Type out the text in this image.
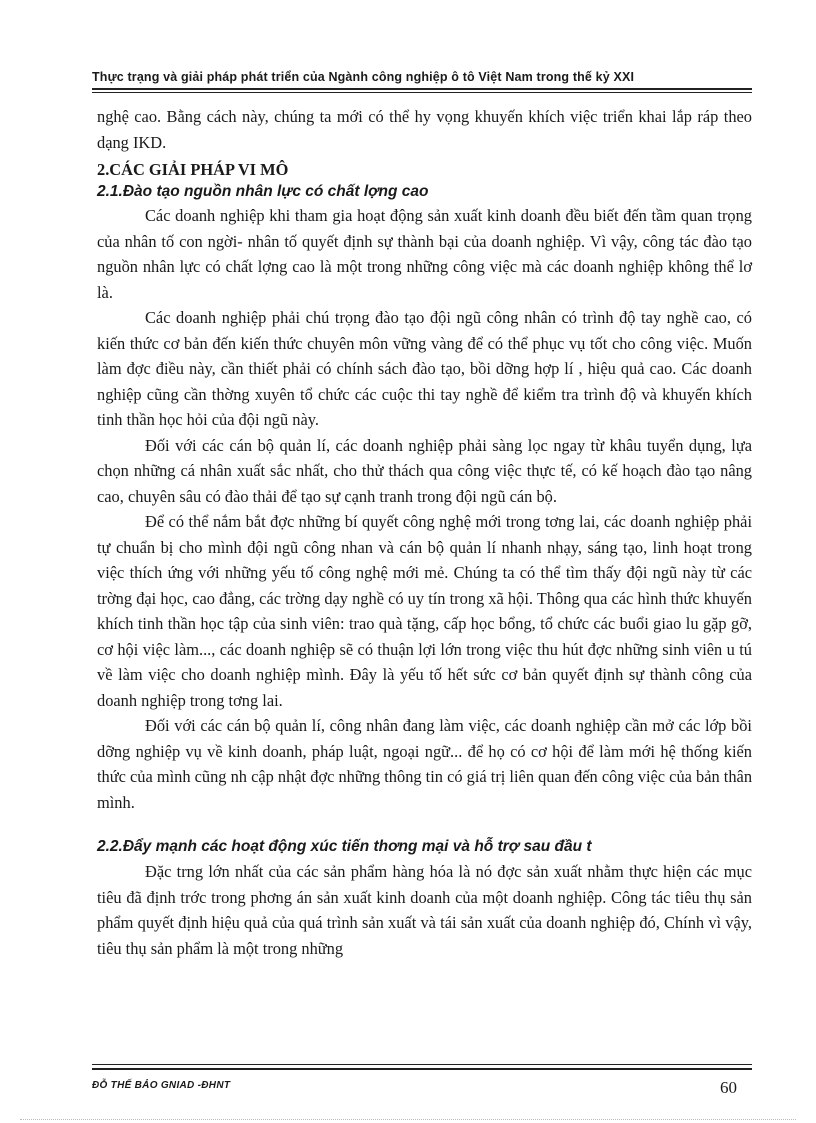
Thực trạng và giải pháp phát triển của Ngành công nghiệp ô tô Việt Nam trong thế kỷ XXI

nghệ cao. Bằng cách này, chúng ta mới có thể hy vọng khuyến khích việc triển khai lắp ráp theo dạng IKD.

2.CÁC GIẢI PHÁP VI MÔ

2.1.Đào tạo nguồn nhân lực có chất lợng cao

Các doanh nghiệp khi tham gia hoạt động sản xuất kinh doanh đều biết đến tầm quan trọng của nhân tố con ngời- nhân tố quyết định sự thành bại của doanh nghiệp. Vì vậy, công tác đào tạo nguồn nhân lực có chất lợng cao là một trong những công việc mà các doanh nghiệp không thể lơ là.

Các doanh nghiệp phải chú trọng đào tạo đội ngũ công nhân có trình độ tay nghề cao, có kiến thức cơ bản đến kiến thức chuyên môn vững vàng để có thể phục vụ tốt cho công việc. Muốn làm đợc điều này, cần thiết phải có chính sách đào tạo, bồi dỡng hợp lí , hiệu quả cao. Các doanh nghiệp cũng cần thờng xuyên tổ chức các cuộc thi tay nghề để kiểm tra trình độ và khuyến khích tinh thần học hỏi của đội ngũ này.

Đối với các cán bộ quản lí, các doanh nghiệp phải sàng lọc ngay từ khâu tuyển dụng, lựa chọn những cá nhân xuất sắc nhất, cho thử thách qua công việc thực tế, có kế hoạch đào tạo nâng cao, chuyên sâu có đào thải để tạo sự cạnh tranh trong đội ngũ cán bộ.

Để có thể nắm bắt đợc những bí quyết công nghệ mới trong tơng lai, các doanh nghiệp phải tự chuẩn bị cho mình đội ngũ công nhan và cán bộ quản lí nhanh nhạy, sáng tạo, linh hoạt trong việc thích ứng với những yếu tố công nghệ mới mẻ. Chúng ta có thể tìm thấy đội ngũ này từ các trờng đại học, cao đẳng, các trờng dạy nghề có uy tín trong xã hội. Thông qua các hình thức khuyến khích tinh thần học tập của sinh viên: trao quà tặng, cấp học bổng, tổ chức các buổi giao lu gặp gỡ, cơ hội việc làm..., các doanh nghiệp sẽ có thuận lợi lớn trong việc thu hút đợc những sinh viên u tú về làm việc cho doanh nghiệp mình. Đây là yếu tố hết sức cơ bản quyết định sự thành công của doanh nghiệp trong tơng lai.

Đối với các cán bộ quản lí, công nhân đang làm việc, các doanh nghiệp cần mở các lớp bồi dỡng nghiệp vụ về kinh doanh, pháp luật, ngoại ngữ... để họ có cơ hội để làm mới hệ thống kiến thức của mình cũng nh cập nhật đợc những thông tin có giá trị liên quan đến công việc của bản thân mình.

2.2.Đẩy mạnh các hoạt động xúc tiến thơng mại và hỗ trợ sau đầu t

Đặc trng lớn nhất của các sản phẩm hàng hóa là nó đợc sản xuất nhằm thực hiện các mục tiêu đã định trớc trong phơng án sản xuất kinh doanh của một doanh nghiệp. Công tác tiêu thụ sản phẩm quyết định hiệu quả của quá trình sản xuất và tái sản xuất của doanh nghiệp đó, Chính vì vậy, tiêu thụ sản phẩm là một trong những

ĐỖ THẾ BẢO GNIAD -ĐHNT	60
